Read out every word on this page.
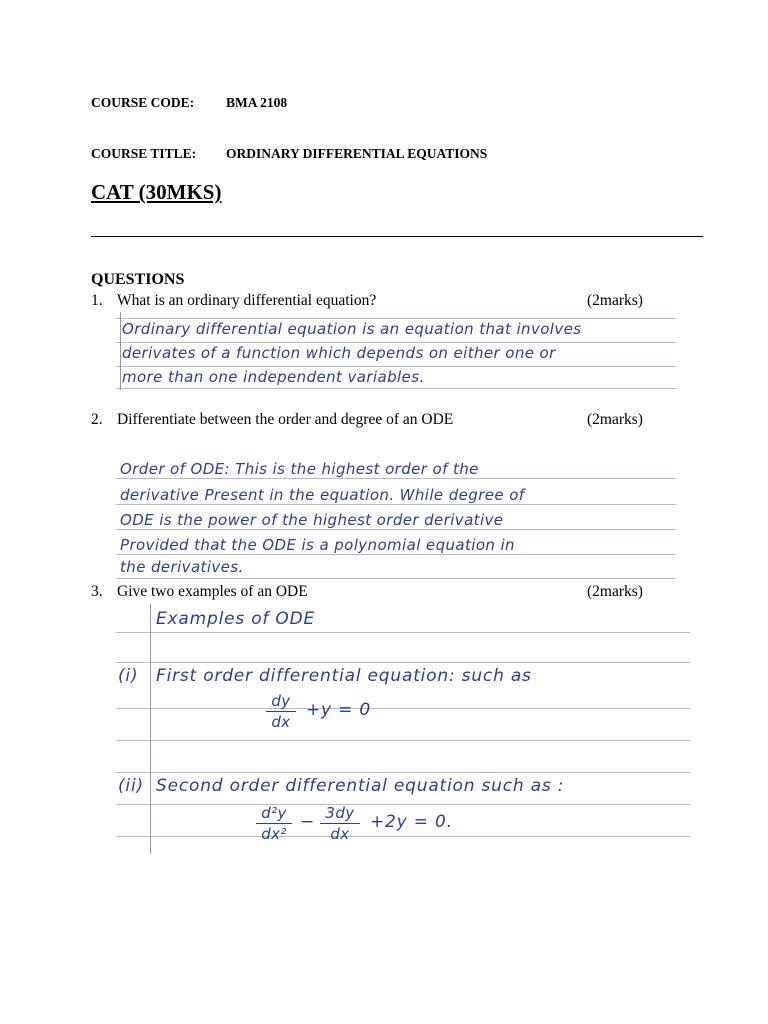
COURSE CODE: BMA 2108
COURSE TITLE: ORDINARY DIFFERENTIAL EQUATIONS
CAT (30MKS)
QUESTIONS
1. What is an ordinary differential equation?	(2marks)
Ordinary differential equation is an equation that involves
derivates of a function which depends on either one or
more than one independent variables.
2. Differentiate between the order and degree of an ODE	(2marks)
Order of ODE: This is the highest order of the
derivative Present in the equation. While degree of
ODE is the power of the highest order derivative
Provided that the ODE is a polynomial equation in
the derivatives.
3. Give two examples of an ODE	(2marks)
Examples of ODE
(i) First order differential equation: such as
dy
dx
+y = 0
(ii) Second order differential equation such as :
d²y
dx²
− 3dy
dx
+2y = 0.
